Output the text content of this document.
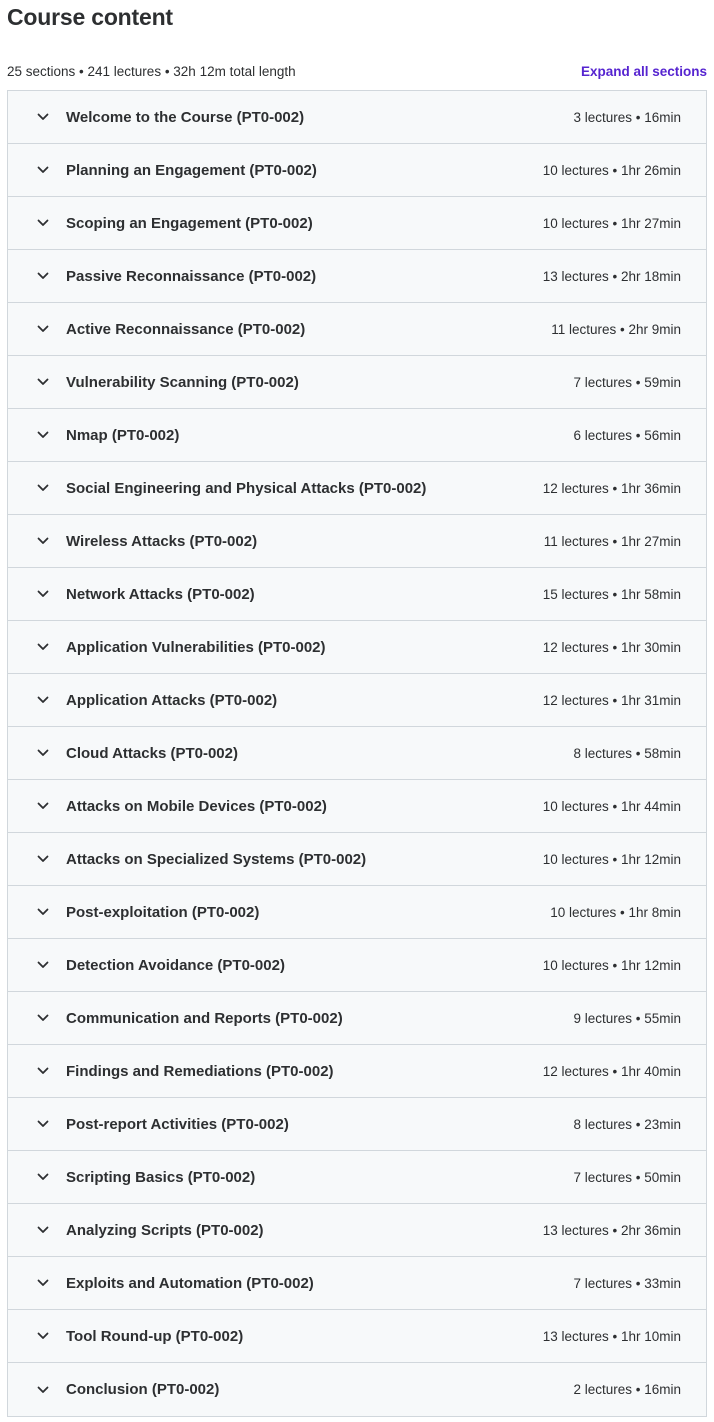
Course content
25 sections • 241 lectures • 32h 12m total length	Expand all sections
Welcome to the Course (PT0-002)	3 lectures • 16min
Planning an Engagement (PT0-002)	10 lectures • 1hr 26min
Scoping an Engagement (PT0-002)	10 lectures • 1hr 27min
Passive Reconnaissance (PT0-002)	13 lectures • 2hr 18min
Active Reconnaissance (PT0-002)	11 lectures • 2hr 9min
Vulnerability Scanning (PT0-002)	7 lectures • 59min
Nmap (PT0-002)	6 lectures • 56min
Social Engineering and Physical Attacks (PT0-002)	12 lectures • 1hr 36min
Wireless Attacks (PT0-002)	11 lectures • 1hr 27min
Network Attacks (PT0-002)	15 lectures • 1hr 58min
Application Vulnerabilities (PT0-002)	12 lectures • 1hr 30min
Application Attacks (PT0-002)	12 lectures • 1hr 31min
Cloud Attacks (PT0-002)	8 lectures • 58min
Attacks on Mobile Devices (PT0-002)	10 lectures • 1hr 44min
Attacks on Specialized Systems (PT0-002)	10 lectures • 1hr 12min
Post-exploitation (PT0-002)	10 lectures • 1hr 8min
Detection Avoidance (PT0-002)	10 lectures • 1hr 12min
Communication and Reports (PT0-002)	9 lectures • 55min
Findings and Remediations (PT0-002)	12 lectures • 1hr 40min
Post-report Activities (PT0-002)	8 lectures • 23min
Scripting Basics (PT0-002)	7 lectures • 50min
Analyzing Scripts (PT0-002)	13 lectures • 2hr 36min
Exploits and Automation (PT0-002)	7 lectures • 33min
Tool Round-up (PT0-002)	13 lectures • 1hr 10min
Conclusion (PT0-002)	2 lectures • 16min
